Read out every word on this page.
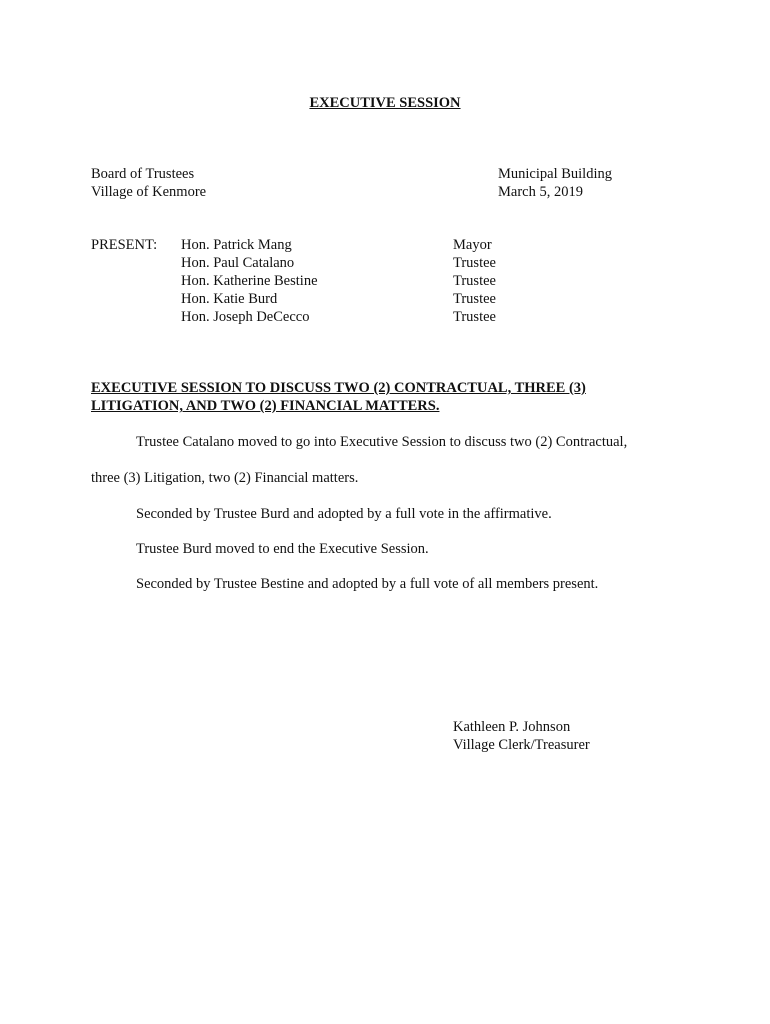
EXECUTIVE SESSION
Board of Trustees
Village of Kenmore
Municipal Building
March 5, 2019
PRESENT: Hon. Patrick Mang
Hon. Paul Catalano
Hon. Katherine Bestine
Hon. Katie Burd
Hon. Joseph DeCecco
Mayor
Trustee
Trustee
Trustee
Trustee
EXECUTIVE SESSION TO DISCUSS TWO (2) CONTRACTUAL, THREE (3)
LITIGATION, AND TWO (2) FINANCIAL MATTERS.
Trustee Catalano moved to go into Executive Session to discuss two (2) Contractual,
three (3) Litigation, two (2) Financial matters.
Seconded by Trustee Burd and adopted by a full vote in the affirmative.
Trustee Burd moved to end the Executive Session.
Seconded by Trustee Bestine and adopted by a full vote of all members present.
Kathleen P. Johnson
Village Clerk/Treasurer
